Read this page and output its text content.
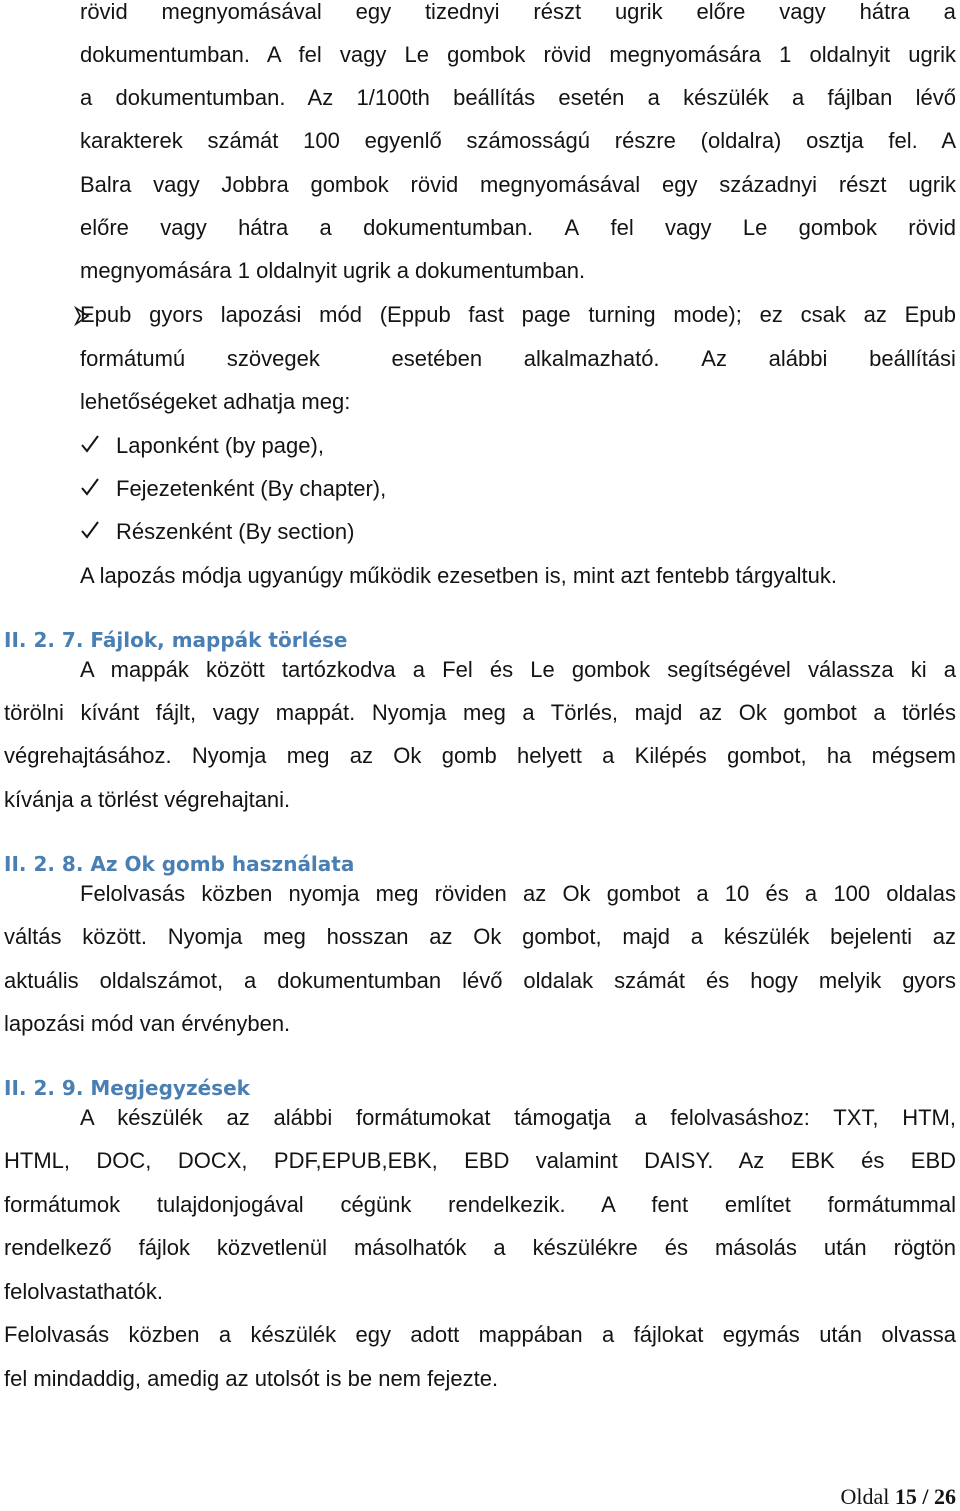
rövid megnyomásával egy tizednyi részt ugrik előre vagy hátra a
dokumentumban. A fel vagy Le gombok rövid megnyomására 1 oldalnyit ugrik
a dokumentumban. Az 1/100th beállítás esetén a készülék a fájlban lévő
karakterek számát 100 egyenlő számosságú részre (oldalra) osztja fel. A
Balra vagy Jobbra gombok rövid megnyomásával egy századnyi részt ugrik
előre vagy hátra a dokumentumban. A fel vagy Le gombok rövid
megnyomására 1 oldalnyit ugrik a dokumentumban.
Epub gyors lapozási mód (Eppub fast page turning mode); ez csak az Epub
formátumú szövegek	esetében alkalmazható. Az alábbi beállítási
lehetőségeket adhatja meg:
Laponként (by page),
Fejezetenként (By chapter),
Részenként (By section)
A lapozás módja ugyanúgy működik ezesetben is, mint azt fentebb tárgyaltuk.
II. 2. 7. Fájlok, mappák törlése
A mappák között tartózkodva a Fel és Le gombok segítségével válassza ki a
törölni kívánt fájlt, vagy mappát. Nyomja meg a Törlés, majd az Ok gombot a törlés
végrehajtásához. Nyomja meg az Ok gomb helyett a Kilépés gombot, ha mégsem
kívánja a törlést végrehajtani.
II. 2. 8. Az Ok gomb használata
Felolvasás közben nyomja meg röviden az Ok gombot a 10 és a 100 oldalas
váltás között. Nyomja meg hosszan az Ok gombot, majd a készülék bejelenti az
aktuális oldalszámot, a dokumentumban lévő oldalak számát és hogy melyik gyors
lapozási mód van érvényben.
II. 2. 9. Megjegyzések
A készülék az alábbi formátumokat támogatja a felolvasáshoz: TXT, HTM,
HTML, DOC, DOCX, PDF,EPUB,EBK, EBD valamint DAISY. Az EBK és EBD
formátumok tulajdonjogával cégünk rendelkezik. A fent említet formátummal
rendelkező fájlok közvetlenül másolhatók a készülékre és másolás után rögtön
felolvastathatók.
Felolvasás közben a készülék egy adott mappában a fájlokat egymás után olvassa
fel mindaddig, amedig az utolsót is be nem fejezte.
Oldal 15 / 26
